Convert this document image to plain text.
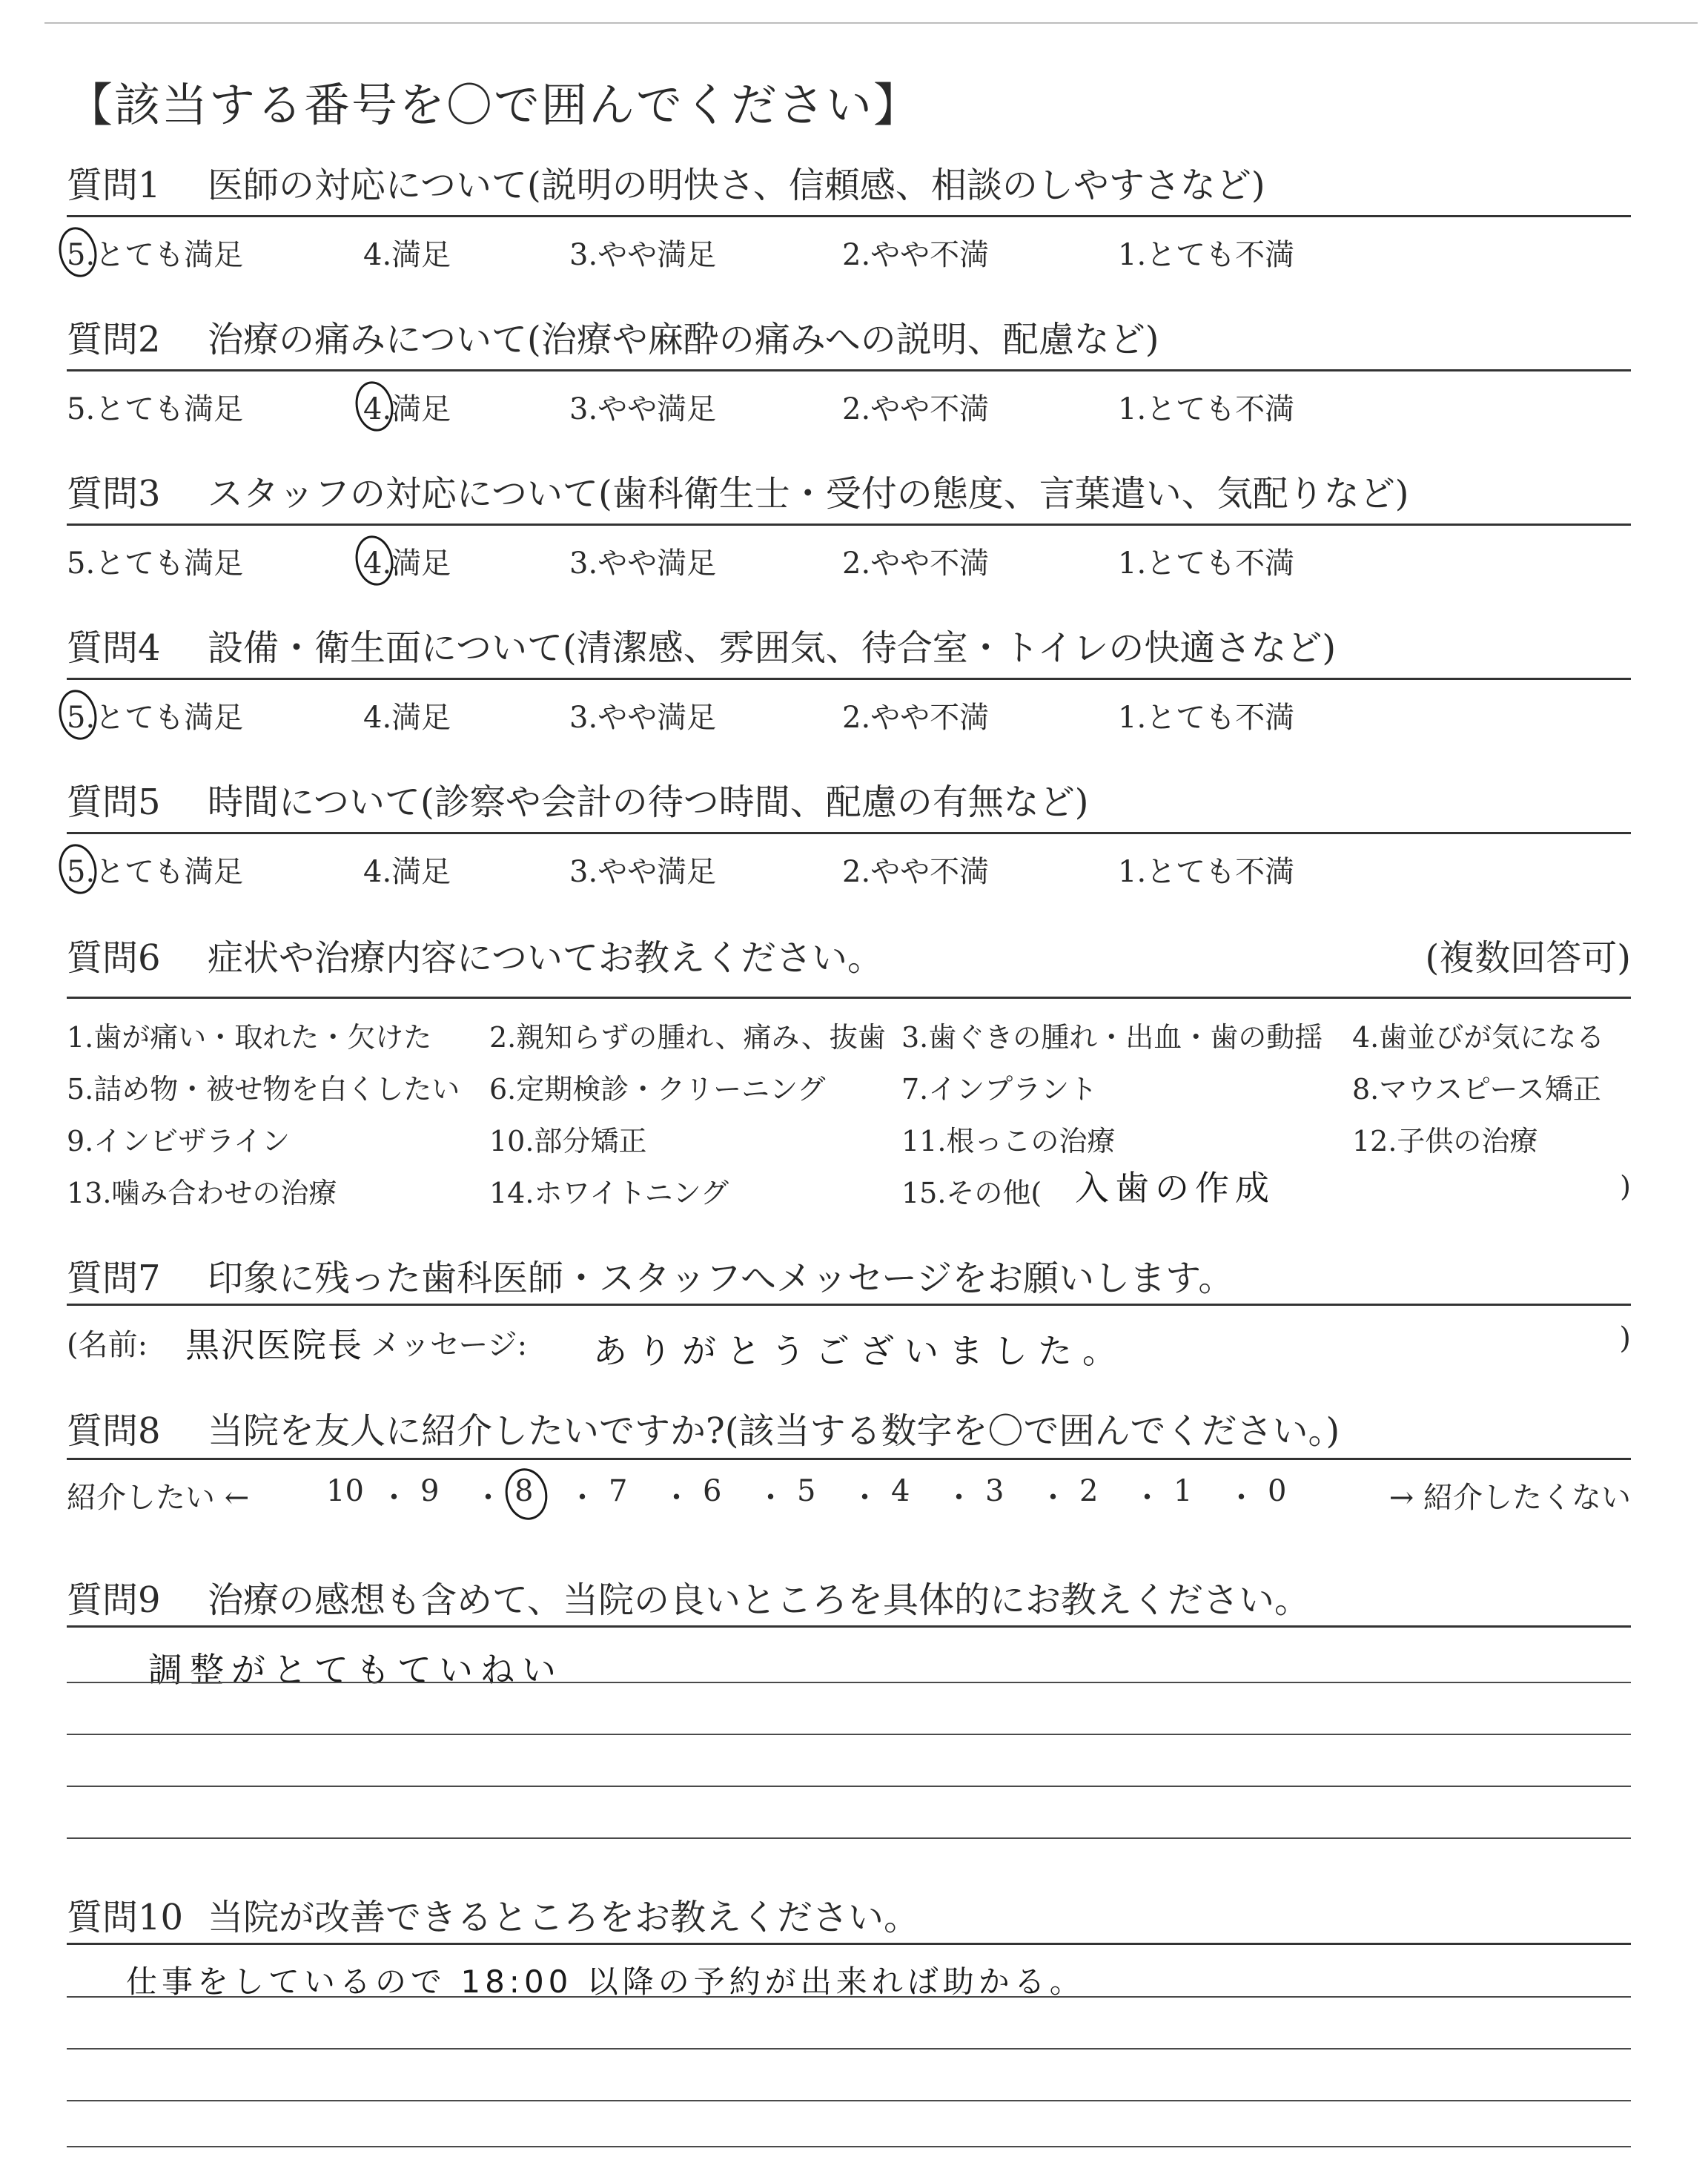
【該当する番号を〇で囲んでください】
質問1 医師の対応について(説明の明快さ、信頼感、相談のしやすさなど)
5.とても満足	4.満足	3.やや満足	2.やや不満	1.とても不満
質問2 治療の痛みについて(治療や麻酔の痛みへの説明、配慮など)
5.とても満足	4.満足	3.やや満足	2.やや不満	1.とても不満
質問3 スタッフの対応について(歯科衛生士・受付の態度、言葉遣い、気配りなど)
5.とても満足	4.満足	3.やや満足	2.やや不満	1.とても不満
質問4 設備・衛生面について(清潔感、雰囲気、待合室・トイレの快適さなど)
5.とても満足	4.満足	3.やや満足	2.やや不満	1.とても不満
質問5 時間について(診察や会計の待つ時間、配慮の有無など)
5.とても満足	4.満足	3.やや満足	2.やや不満	1.とても不満
質問6 症状や治療内容についてお教えください。	(複数回答可)
1.歯が痛い・取れた・欠けた 2.親知らずの腫れ、痛み、抜歯 3.歯ぐきの腫れ・出血・歯の動揺 4.歯並びが気になる
5.詰め物・被せ物を白くしたい 6.定期検診・クリーニング	7.インプラント	8.マウスピース矯正
9.インビザライン	10.部分矯正	11.根っこの治療	12.子供の治療
13.噛み合わせの治療	14.ホワイトニング	15.その他(	)
入歯の作成
質問7 印象に残った歯科医師・スタッフへメッセージをお願いします。
(名前: 黒沢医院長 メッセージ: ありがとうございました。	)
質問8 当院を友人に紹介したいですか?(該当する数字を〇で囲んでください。)
紹介したい ←	→ 紹介したくない
10 ・ 9 ・ 8 ・ 7 ・ 6 ・ 5 ・ 4 ・ 3 ・ 2 ・ 1 ・ 0
質問9 治療の感想も含めて、当院の良いところを具体的にお教えください。
調整がとてもていねい
質問10 当院が改善できるところをお教えください。
仕事をしているので 18:00 以降の予約が出来れば助かる。
